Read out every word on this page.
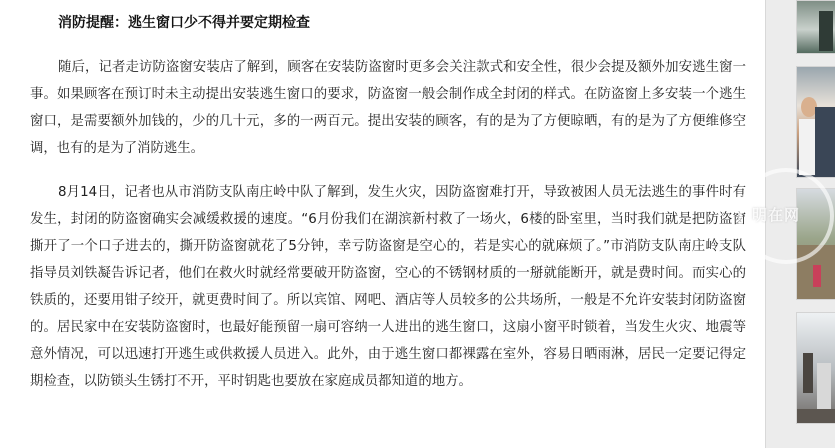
消防提醒：逃生窗口少不得并要定期检查

随后，记者走访防盗窗安装店了解到，顾客在安装防盗窗时更多会关注款式和安全性，很少会提及额外加安逃生窗一事。如果顾客在预订时未主动提出安装逃生窗口的要求，防盗窗一般会制作成全封闭的样式。在防盗窗上多安装一个逃生窗口，是需要额外加钱的，少的几十元，多的一两百元。提出安装的顾客，有的是为了方便晾晒，有的是为了方便维修空调，也有的是为了消防逃生。

8月14日，记者也从市消防支队南庄岭中队了解到，发生火灾，因防盗窗难打开，导致被困人员无法逃生的事件时有发生，封闭的防盗窗确实会减缓救援的速度。“6月份我们在湖滨新村救了一场火，6楼的卧室里，当时我们就是把防盗窗撕开了一个口子进去的，撕开防盗窗就花了5分钟，幸亏防盗窗是空心的，若是实心的就麻烦了。”市消防支队南庄岭支队指导员刘铁凝告诉记者，他们在救火时就经常要破开防盗窗，空心的不锈钢材质的一掰就能断开，就是费时间。而实心的铁质的，还要用钳子绞开，就更费时间了。所以宾馆、网吧、酒店等人员较多的公共场所，一般是不允许安装封闭防盗窗的。居民家中在安装防盗窗时，也最好能预留一扇可容纳一人进出的逃生窗口，这扇小窗平时锁着，当发生火灾、地震等意外情况，可以迅速打开逃生或供救援人员进入。此外，由于逃生窗口都裸露在室外，容易日晒雨淋，居民一定要记得定期检查，以防锁头生锈打不开，平时钥匙也要放在家庭成员都知道的地方。

明在网
